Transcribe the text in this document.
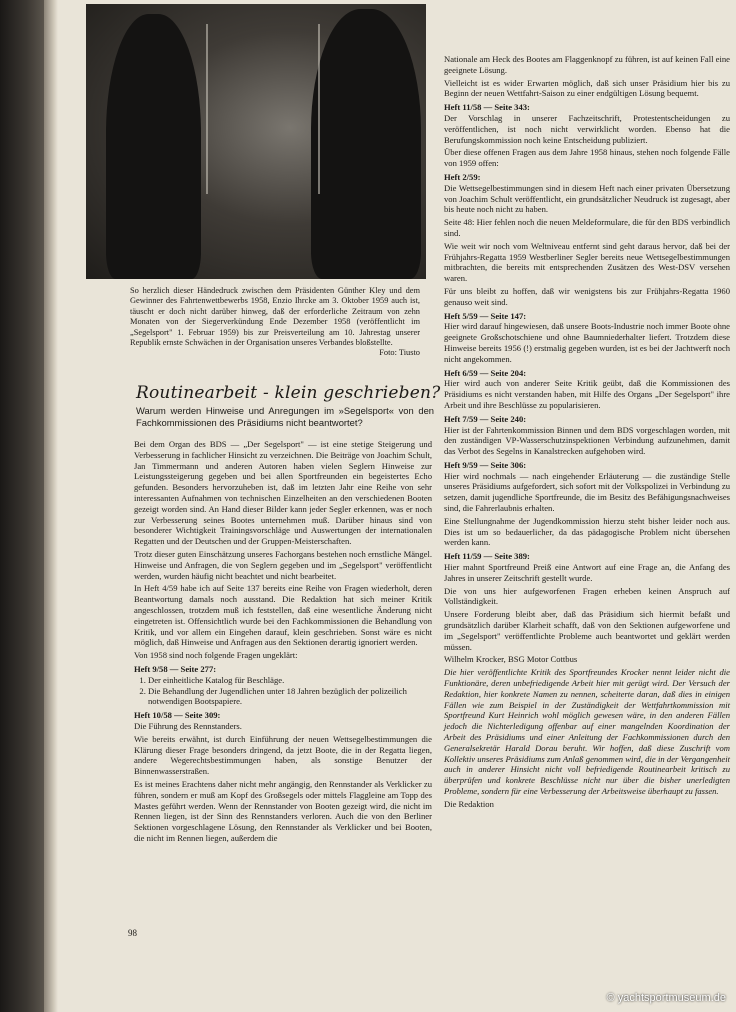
So herzlich dieser Händedruck zwischen dem Präsidenten Günther Kley und dem Gewinner des Fahrtenwettbewerbs 1958, Enzio Ihrcke am 3. Oktober 1959 auch ist, täuscht er doch nicht darüber hinweg, daß der erforderliche Zeitraum von zehn Monaten von der Siegerverkündung Ende Dezember 1958 (veröffentlicht im „Segelsport" 1. Februar 1959) bis zur Preisverteilung am 10. Jahrestag unserer Republik ernste Schwächen in der Organisation unseres Verbandes bloßstellte.

Foto: Tiusto
Routinearbeit - klein geschrieben?
Warum werden Hinweise und Anregungen im »Segelsport« von den Fachkommissionen des Präsidiums nicht beantwortet?

Bei dem Organ des BDS — „Der Segelsport" — ist eine stetige Steigerung und Verbesserung in fachlicher Hinsicht zu verzeichnen. Die Beiträge von Joachim Schult, Jan Timmermann und anderen Autoren haben vielen Seglern Hinweise zur Leistungssteigerung gegeben und bei allen Sportfreunden ein begeistertes Echo gefunden. Besonders hervorzuheben ist, daß im letzten Jahr eine Reihe von sehr interessanten Aufnahmen von technischen Einzelheiten an den verschiedenen Booten gezeigt worden sind. An Hand dieser Bilder kann jeder Segler erkennen, was er noch zur Verbesserung seines Bootes unternehmen muß. Darüber hinaus sind von besonderer Wichtigkeit Trainingsvorschläge und Auswertungen der internationalen Regatten und der Deutschen und der Gruppen-Meisterschaften.

Trotz dieser guten Einschätzung unseres Fachorgans bestehen noch ernstliche Mängel. Hinweise und Anfragen, die von Seglern gegeben und im „Segelsport" veröffentlicht werden, wurden häufig nicht beachtet und nicht bearbeitet.

In Heft 4/59 habe ich auf Seite 137 bereits eine Reihe von Fragen wiederholt, deren Beantwortung damals noch ausstand. Die Redaktion hat sich meiner Kritik angeschlossen, trotzdem muß ich feststellen, daß eine wesentliche Änderung nicht eingetreten ist. Offensichtlich wurde bei den Fachkommissionen die Behandlung von Kritik, und vor allem ein Eingehen darauf, klein geschrieben. Sonst wäre es nicht möglich, daß Hinweise und Anfragen aus den Sektionen derartig ignoriert werden.

Von 1958 sind noch folgende Fragen ungeklärt:

Heft 9/58 — Seite 277:
1. Der einheitliche Katalog für Beschläge.
2. Die Behandlung der Jugendlichen unter 18 Jahren bezüglich der polizeilich notwendigen Bootspapiere.
Heft 10/58 — Seite 309:

Die Führung des Rennstanders.

Wie bereits erwähnt, ist durch Einführung der neuen Wettsegelbestimmungen die Klärung dieser Frage besonders dringend, da jetzt Boote, die in der Regatta liegen, andere Wegerechtsbestimmungen haben, als sonstige Benutzer der Binnenwasserstraßen.

Es ist meines Erachtens daher nicht mehr angängig, den Rennstander als Verklicker zu führen, sondern er muß am Kopf des Großsegels oder mittels Flaggleine am Topp des Mastes geführt werden. Wenn der Rennstander von Booten gezeigt wird, die nicht im Rennen liegen, ist der Sinn des Rennstanders verloren. Auch die von den Berliner Sektionen vorgeschlagene Lösung, den Rennstander als Verklicker und bei Booten, die nicht im Rennen liegen, außerdem die

Nationale am Heck des Bootes am Flaggenknopf zu führen, ist auf keinen Fall eine geeignete Lösung.

Vielleicht ist es wider Erwarten möglich, daß sich unser Präsidium hier bis zu Beginn der neuen Wettfahrt-Saison zu einer endgültigen Lösung bequemt.

Heft 11/58 — Seite 343:

Der Vorschlag in unserer Fachzeitschrift, Protestentscheidungen zu veröffentlichen, ist noch nicht verwirklicht worden. Ebenso hat die Berufungskommission noch keine Entscheidung publiziert.

Über diese offenen Fragen aus dem Jahre 1958 hinaus, stehen noch folgende Fälle von 1959 offen:

Heft 2/59:

Die Wettsegelbestimmungen sind in diesem Heft nach einer privaten Übersetzung von Joachim Schult veröffentlicht, ein grundsätzlicher Neudruck ist zugesagt, aber bis heute noch nicht zu haben.

Seite 48: Hier fehlen noch die neuen Meldeformulare, die für den BDS verbindlich sind.

Wie weit wir noch vom Weltniveau entfernt sind geht daraus hervor, daß bei der Frühjahrs-Regatta 1959 Westberliner Segler bereits neue Wettsegelbestimmungen mitbrachten, die bereits mit entsprechenden Zusätzen des West-DSV versehen waren.

Für uns bleibt zu hoffen, daß wir wenigstens bis zur Frühjahrs-Regatta 1960 genauso weit sind.

Heft 5/59 — Seite 147:

Hier wird darauf hingewiesen, daß unsere Boots-Industrie noch immer Boote ohne geeignete Großschotschiene und ohne Baumniederhalter liefert. Trotzdem diese Hinweise bereits 1956 (!) erstmalig gegeben wurden, ist es bei der Jachtwerft noch nicht angekommen.

Heft 6/59 — Seite 204:

Hier wird auch von anderer Seite Kritik geübt, daß die Kommissionen des Präsidiums es nicht verstanden haben, mit Hilfe des Organs „Der Segelsport" ihre Arbeit und ihre Beschlüsse zu popularisieren.

Heft 7/59 — Seite 240:

Hier ist der Fahrtenkommission Binnen und dem BDS vorgeschlagen worden, mit den zuständigen VP-Wasserschutzinspektionen Verbindung aufzunehmen, damit das Verbot des Segelns in Kanalstrecken aufgehoben wird.

Heft 9/59 — Seite 306:

Hier wird nochmals — nach eingehender Erläuterung — die zuständige Stelle unseres Präsidiums aufgefordert, sich sofort mit der Volkspolizei in Verbindung zu setzen, damit jugendliche Sportfreunde, die im Besitz des Befähigungsnachweises sind, die Fahrerlaubnis erhalten.

Eine Stellungnahme der Jugendkommission hierzu steht bisher leider noch aus. Dies ist um so bedauerlicher, da das pädagogische Problem nicht übersehen werden kann.

Heft 11/59 — Seite 389:

Hier mahnt Sportfreund Preiß eine Antwort auf eine Frage an, die Anfang des Jahres in unserer Zeitschrift gestellt wurde.

Die von uns hier aufgeworfenen Fragen erheben keinen Anspruch auf Vollständigkeit.

Unsere Forderung bleibt aber, daß das Präsidium sich hiermit befaßt und grundsätzlich darüber Klarheit schafft, daß von den Sektionen aufgeworfene und im „Segelsport" veröffentlichte Probleme auch beantwortet und geklärt werden müssen.

Wilhelm Krocker, BSG Motor Cottbus

Die hier veröffentlichte Kritik des Sportfreundes Krocker nennt leider nicht die Funktionäre, deren unbefriedigende Arbeit hier mit gerügt wird. Der Versuch der Redaktion, hier konkrete Namen zu nennen, scheiterte daran, daß dies in einigen Fällen wie zum Beispiel in der Zuständigkeit der Wettfahrtkommission mit Sportfreund Kurt Heinrich wohl möglich gewesen wäre, in den anderen Fällen jedoch die Nichterledigung offenbar auf einer mangelnden Koordination der Arbeit des Präsidiums und einer Anleitung der Fachkommissionen durch den Generalsekretär Harald Dorau beruht. Wir hoffen, daß diese Zuschrift vom Kollektiv unseres Präsidiums zum Anlaß genommen wird, die in der Vergangenheit auch in anderer Hinsicht nicht voll befriedigende Routinearbeit kritisch zu überprüfen und konkrete Beschlüsse nicht nur über die bisher unerledigten Probleme, sondern für eine Verbesserung der Arbeitsweise überhaupt zu fassen.

Die Redaktion

98
© yachtsportmuseum.de
